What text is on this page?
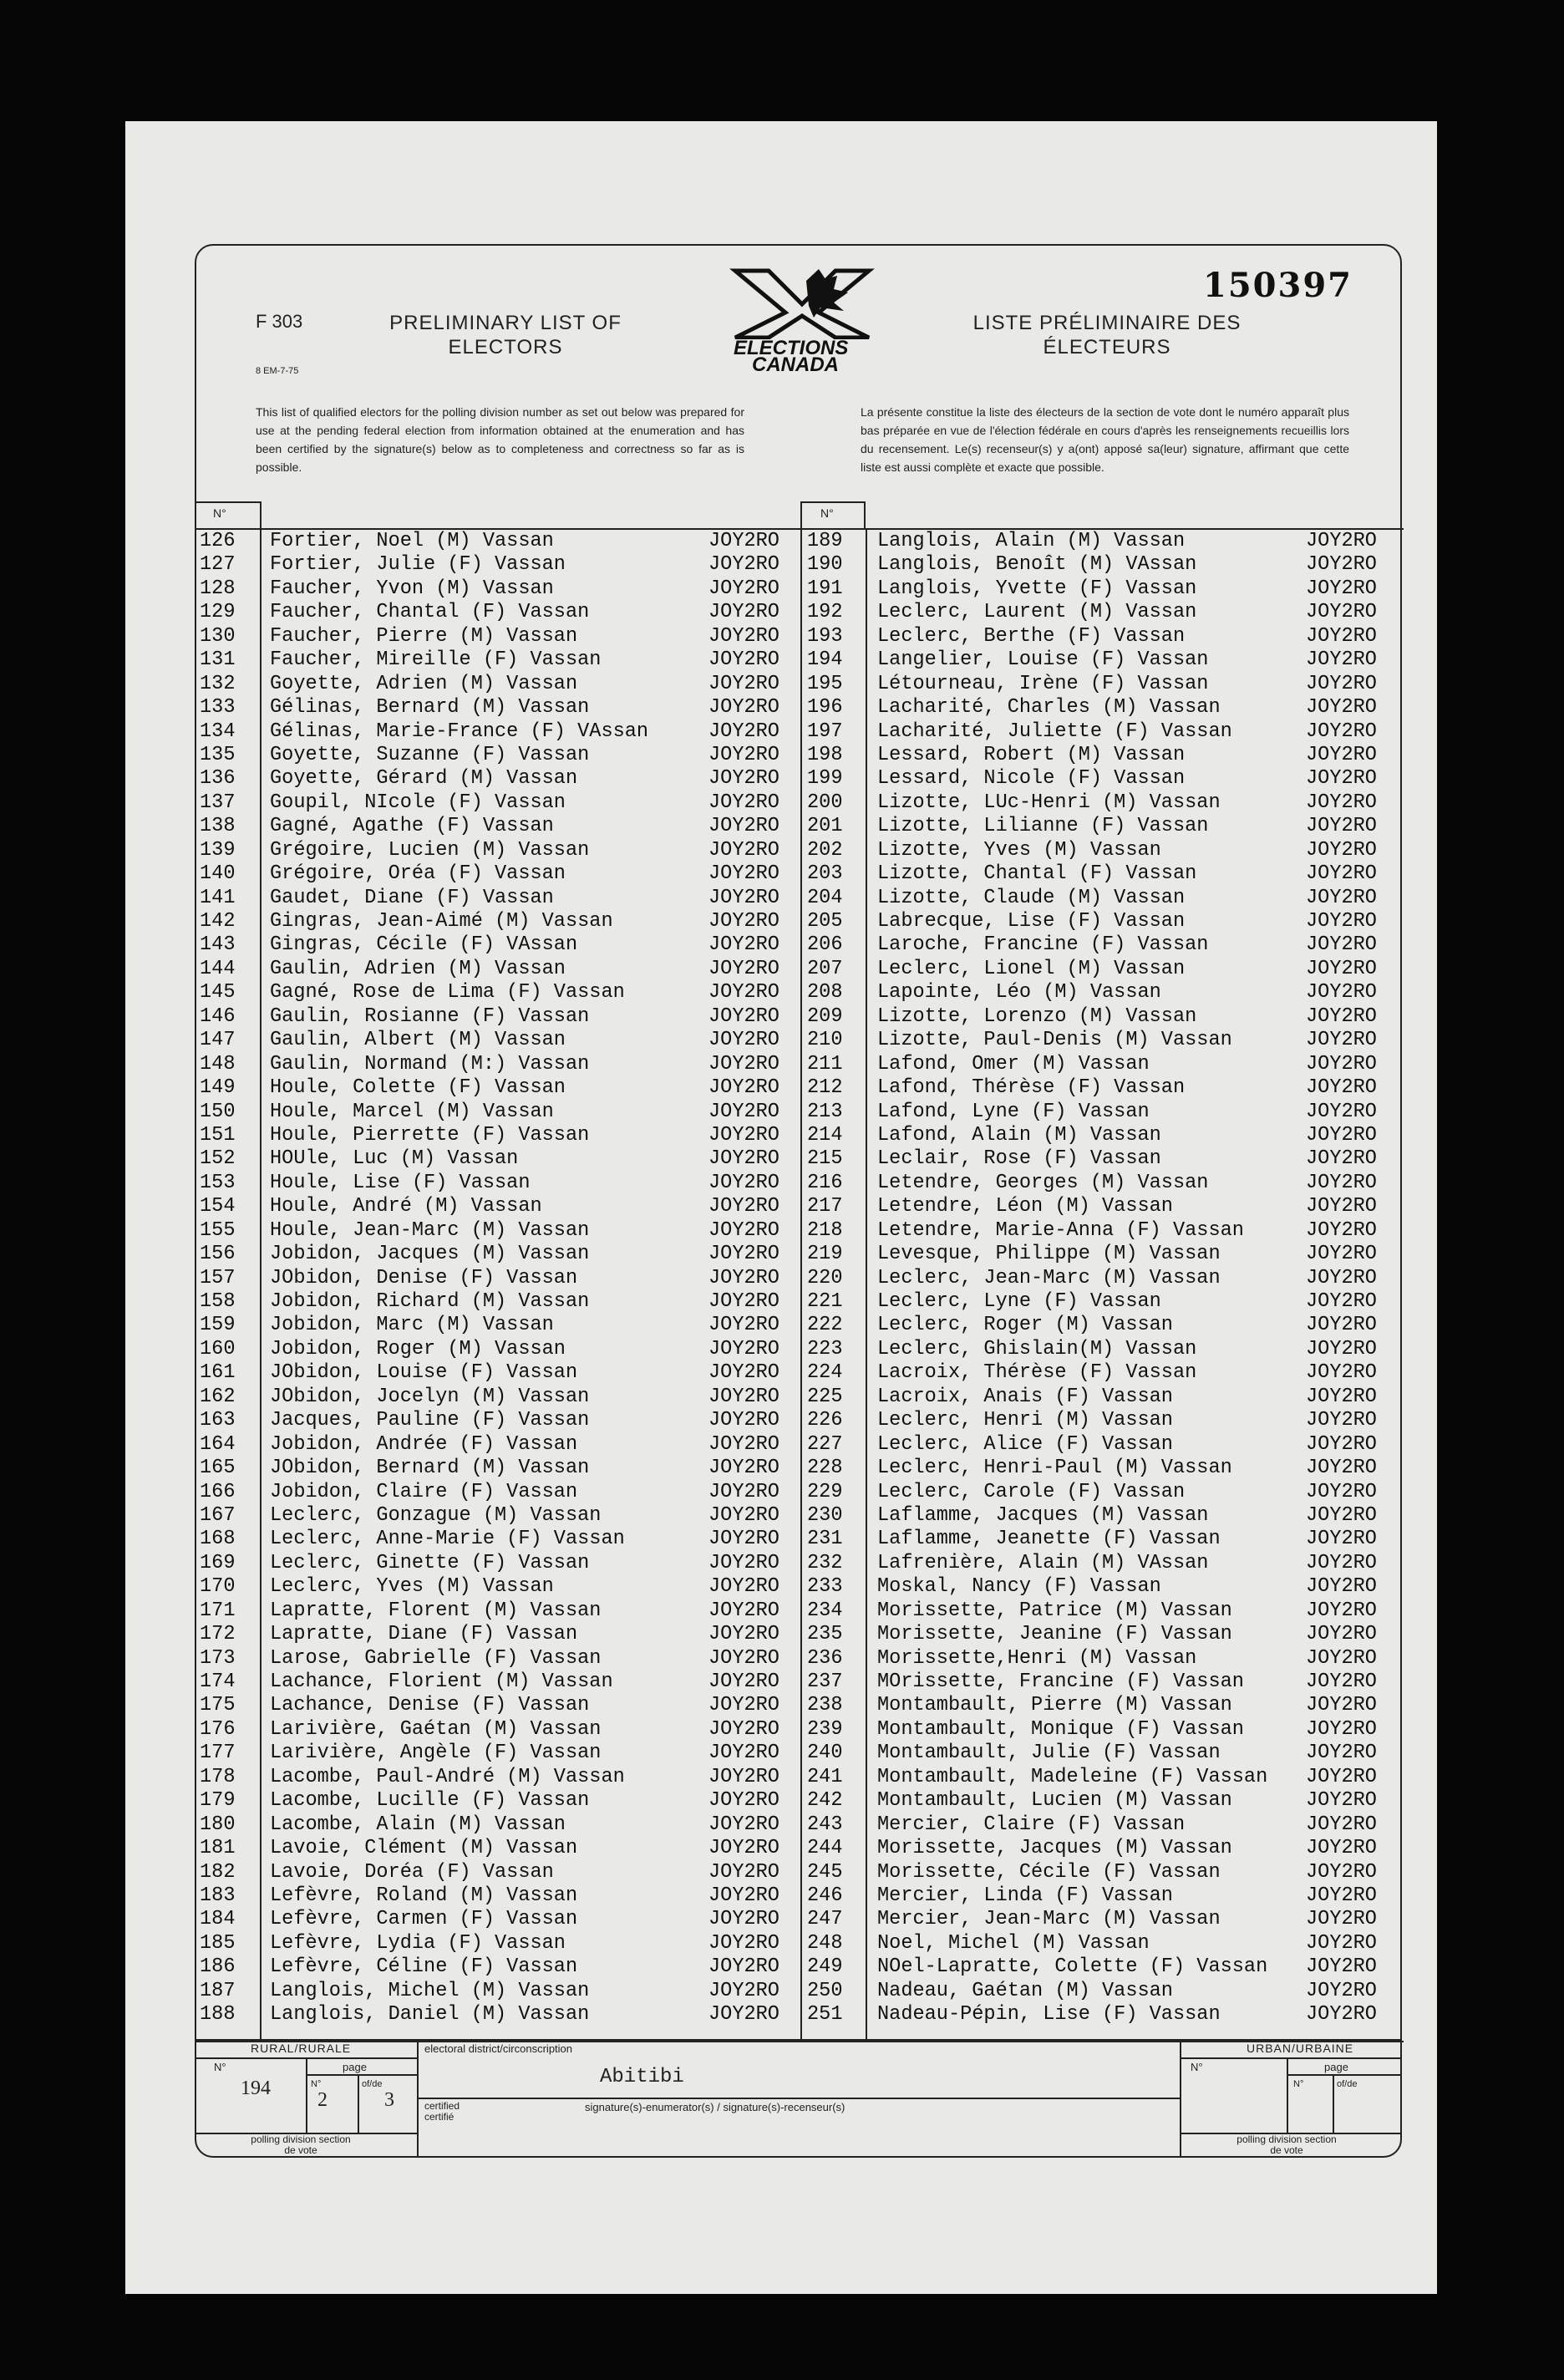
F 303
8 EM-7-75
PRELIMINARY LIST OF ELECTORS
LISTE PRÉLIMINAIRE DES ÉLECTEURS
150397
ELECTIONS
CANADA
This list of qualified electors for the polling division number as set out below was prepared for use at the pending federal election from information obtained at the enumeration and has been certified by the signature(s) below as to completeness and correctness so far as is possible.
La présente constitue la liste des électeurs de la section de vote dont le numéro apparaît plus bas préparée en vue de l'élection fédérale en cours d'après les renseignements recueillis lors du recensement. Le(s) recenseur(s) y a(ont) apposé sa(leur) signature, affirmant que cette liste est aussi complète et exacte que possible.
N°	N°
126 Fortier, Noel (M) Vassan	JOY2RO
127 Fortier, Julie (F) Vassan	JOY2RO
128 Faucher, Yvon (M) Vassan	JOY2RO
129 Faucher, Chantal (F) Vassan	JOY2RO
130 Faucher, Pierre (M) Vassan	JOY2RO
131 Faucher, Mireille (F) Vassan	JOY2RO
132 Goyette, Adrien (M) Vassan	JOY2RO
133 Gélinas, Bernard (M) Vassan	JOY2RO
134 Gélinas, Marie-France (F) VAssan	JOY2RO
135 Goyette, Suzanne (F) Vassan	JOY2RO
136 Goyette, Gérard (M) Vassan	JOY2RO
137 Goupil, NIcole (F) Vassan	JOY2RO
138 Gagné, Agathe (F) Vassan	JOY2RO
139 Grégoire, Lucien (M) Vassan	JOY2RO
140 Grégoire, Oréa (F) Vassan	JOY2RO
141 Gaudet, Diane (F) Vassan	JOY2RO
142 Gingras, Jean-Aimé (M) Vassan	JOY2RO
143 Gingras, Cécile (F) VAssan	JOY2RO
144 Gaulin, Adrien (M) Vassan	JOY2RO
145 Gagné, Rose de Lima (F) Vassan	JOY2RO
146 Gaulin, Rosianne (F) Vassan	JOY2RO
147 Gaulin, Albert (M) Vassan	JOY2RO
148 Gaulin, Normand (M:) Vassan	JOY2RO
149 Houle, Colette (F) Vassan	JOY2RO
150 Houle, Marcel (M) Vassan	JOY2RO
151 Houle, Pierrette (F) Vassan	JOY2RO
152 HOUle, Luc (M) Vassan	JOY2RO
153 Houle, Lise (F) Vassan	JOY2RO
154 Houle, André (M) Vassan	JOY2RO
155 Houle, Jean-Marc (M) Vassan	JOY2RO
156 Jobidon, Jacques (M) Vassan	JOY2RO
157 JObidon, Denise (F) Vassan	JOY2RO
158 Jobidon, Richard (M) Vassan	JOY2RO
159 Jobidon, Marc (M) Vassan	JOY2RO
160 Jobidon, Roger (M) Vassan	JOY2RO
161 JObidon, Louise (F) Vassan	JOY2RO
162 JObidon, Jocelyn (M) Vassan	JOY2RO
163 Jacques, Pauline (F) Vassan	JOY2RO
164 Jobidon, Andrée (F) Vassan	JOY2RO
165 JObidon, Bernard (M) Vassan	JOY2RO
166 Jobidon, Claire (F) Vassan	JOY2RO
167 Leclerc, Gonzague (M) Vassan	JOY2RO
168 Leclerc, Anne-Marie (F) Vassan	JOY2RO
169 Leclerc, Ginette (F) Vassan	JOY2RO
170 Leclerc, Yves (M) Vassan	JOY2RO
171 Lapratte, Florent (M) Vassan	JOY2RO
172 Lapratte, Diane (F) Vassan	JOY2RO
173 Larose, Gabrielle (F) Vassan	JOY2RO
174 Lachance, Florient (M) Vassan	JOY2RO
175 Lachance, Denise (F) Vassan	JOY2RO
176 Larivière, Gaétan (M) Vassan	JOY2RO
177 Larivière, Angèle (F) Vassan	JOY2RO
178 Lacombe, Paul-André (M) Vassan	JOY2RO
179 Lacombe, Lucille (F) Vassan	JOY2RO
180 Lacombe, Alain (M) Vassan	JOY2RO
181 Lavoie, Clément (M) Vassan	JOY2RO
182 Lavoie, Doréa (F) Vassan	JOY2RO
183 Lefèvre, Roland (M) Vassan	JOY2RO
184 Lefèvre, Carmen (F) Vassan	JOY2RO
185 Lefèvre, Lydia (F) Vassan	JOY2RO
186 Lefèvre, Céline (F) Vassan	JOY2RO
187 Langlois, Michel (M) Vassan	JOY2RO
188 Langlois, Daniel (M) Vassan	JOY2RO
189 Langlois, Alain (M) Vassan	JOY2RO
190 Langlois, Benoît (M) VAssan	JOY2RO
191 Langlois, Yvette (F) Vassan	JOY2RO
192 Leclerc, Laurent (M) Vassan	JOY2RO
193 Leclerc, Berthe (F) Vassan	JOY2RO
194 Langelier, Louise (F) Vassan	JOY2RO
195 Létourneau, Irène (F) Vassan	JOY2RO
196 Lacharité, Charles (M) Vassan	JOY2RO
197 Lacharité, Juliette (F) Vassan	JOY2RO
198 Lessard, Robert (M) Vassan	JOY2RO
199 Lessard, Nicole (F) Vassan	JOY2RO
200 Lizotte, LUc-Henri (M) Vassan	JOY2RO
201 Lizotte, Lilianne (F) Vassan	JOY2RO
202 Lizotte, Yves (M) Vassan	JOY2RO
203 Lizotte, Chantal (F) Vassan	JOY2RO
204 Lizotte, Claude (M) Vassan	JOY2RO
205 Labrecque, Lise (F) Vassan	JOY2RO
206 Laroche, Francine (F) Vassan	JOY2RO
207 Leclerc, Lionel (M) Vassan	JOY2RO
208 Lapointe, Léo (M) Vassan	JOY2RO
209 Lizotte, Lorenzo (M) Vassan	JOY2RO
210 Lizotte, Paul-Denis (M) Vassan	JOY2RO
211 Lafond, Omer (M) Vassan	JOY2RO
212 Lafond, Thérèse (F) Vassan	JOY2RO
213 Lafond, Lyne (F) Vassan	JOY2RO
214 Lafond, Alain (M) Vassan	JOY2RO
215 Leclair, Rose (F) Vassan	JOY2RO
216 Letendre, Georges (M) Vassan	JOY2RO
217 Letendre, Léon (M) Vassan	JOY2RO
218 Letendre, Marie-Anna (F) Vassan	JOY2RO
219 Levesque, Philippe (M) Vassan	JOY2RO
220 Leclerc, Jean-Marc (M) Vassan	JOY2RO
221 Leclerc, Lyne (F) Vassan	JOY2RO
222 Leclerc, Roger (M) Vassan	JOY2RO
223 Leclerc, Ghislain(M) Vassan	JOY2RO
224 Lacroix, Thérèse (F) Vassan	JOY2RO
225 Lacroix, Anais (F) Vassan	JOY2RO
226 Leclerc, Henri (M) Vassan	JOY2RO
227 Leclerc, Alice (F) Vassan	JOY2RO
228 Leclerc, Henri-Paul (M) Vassan	JOY2RO
229 Leclerc, Carole (F) Vassan	JOY2RO
230 Laflamme, Jacques (M) Vassan	JOY2RO
231 Laflamme, Jeanette (F) Vassan	JOY2RO
232 Lafrenière, Alain (M) VAssan	JOY2RO
233 Moskal, Nancy (F) Vassan	JOY2RO
234 Morissette, Patrice (M) Vassan	JOY2RO
235 Morissette, Jeanine (F) Vassan	JOY2RO
236 Morissette,Henri (M) Vassan	JOY2RO
237 MOrissette, Francine (F) Vassan	JOY2RO
238 Montambault, Pierre (M) Vassan	JOY2RO
239 Montambault, Monique (F) Vassan	JOY2RO
240 Montambault, Julie (F) Vassan	JOY2RO
241 Montambault, Madeleine (F) Vassan JOY2RO
242 Montambault, Lucien (M) Vassan	JOY2RO
243 Mercier, Claire (F) Vassan	JOY2RO
244 Morissette, Jacques (M) Vassan	JOY2RO
245 Morissette, Cécile (F) Vassan	JOY2RO
246 Mercier, Linda (F) Vassan	JOY2RO
247 Mercier, Jean-Marc (M) Vassan	JOY2RO
248 Noel, Michel (M) Vassan	JOY2RO
249 NOel-Lapratte, Colette (F) Vassan JOY2RO
250 Nadeau, Gaétan (M) Vassan	JOY2RO
251 Nadeau-Pépin, Lise (F) Vassan	JOY2RO
RURAL/RURALE
N°	page
194	N°
2
of/de
3
polling division section de vote
electoral district/circonscription
Abitibi
certified certifié
signature(s)-enumerator(s) / signature(s)-recenseur(s)
URBAN/URBAINE
N°	page
N°	of/de
polling division section de vote
